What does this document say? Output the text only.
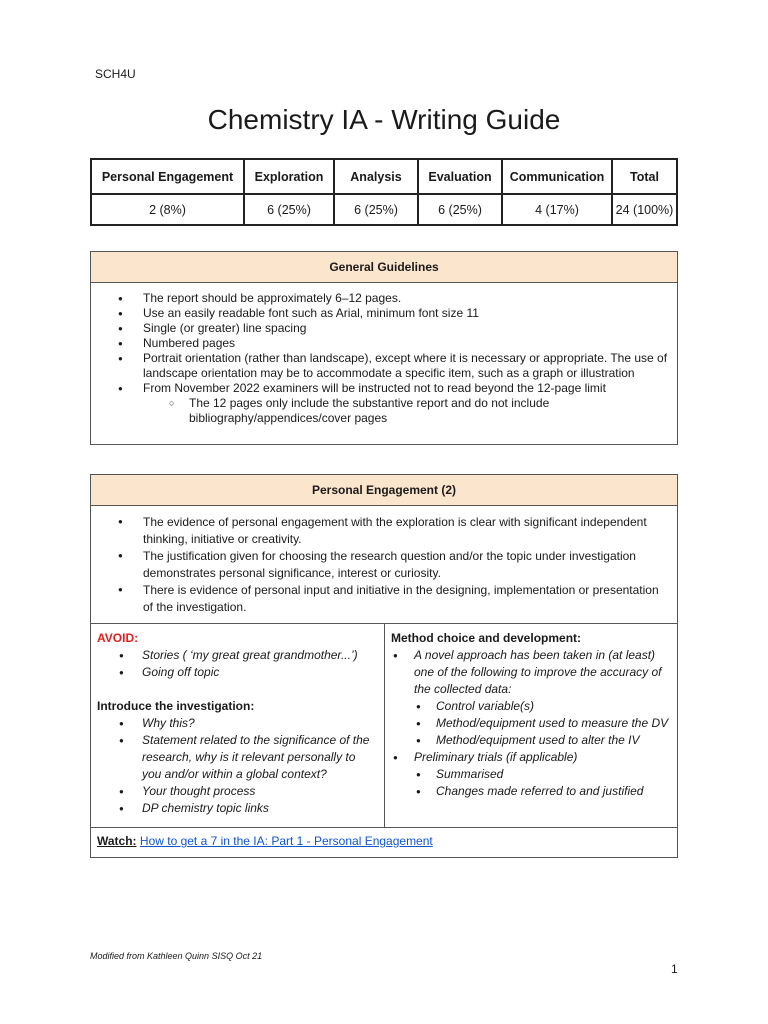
SCH4U
Chemistry IA - Writing Guide
Personal Engagement	Exploration	Analysis	Evaluation	Communication	Total
2 (8%)	6 (25%)	6 (25%)	6 (25%)	4 (17%)	24 (100%)
General Guidelines
● The report should be approximately 6–12 pages.
● Use an easily readable font such as Arial, minimum font size 11
● Single (or greater) line spacing
● Numbered pages
● Portrait orientation (rather than landscape), except where it is necessary or appropriate. The use of landscape orientation may be to accommodate a specific item, such as a graph or illustration
● From November 2022 examiners will be instructed not to read beyond the 12-page limit
○ The 12 pages only include the substantive report and do not include bibliography/appendices/cover pages
Personal Engagement (2)
● The evidence of personal engagement with the exploration is clear with significant independent thinking, initiative or creativity.
● The justification given for choosing the research question and/or the topic under investigation demonstrates personal significance, interest or curiosity.
● There is evidence of personal input and initiative in the designing, implementation or presentation of the investigation.
AVOID:
● Stories ( ‘my great great grandmother...’)
● Going off topic
Introduce the investigation:
● Why this?
● Statement related to the significance of the research, why is it relevant personally to you and/or within a global context?
● Your thought process
● DP chemistry topic links
Method choice and development:
● A novel approach has been taken in (at least) one of the following to improve the accuracy of the collected data:
● Control variable(s)
● Method/equipment used to measure the DV
● Method/equipment used to alter the IV
● Preliminary trials (if applicable)
● Summarised
● Changes made referred to and justified
Watch: How to get a 7 in the IA: Part 1 - Personal Engagement
Modified from Kathleen Quinn SISQ Oct 21
1
